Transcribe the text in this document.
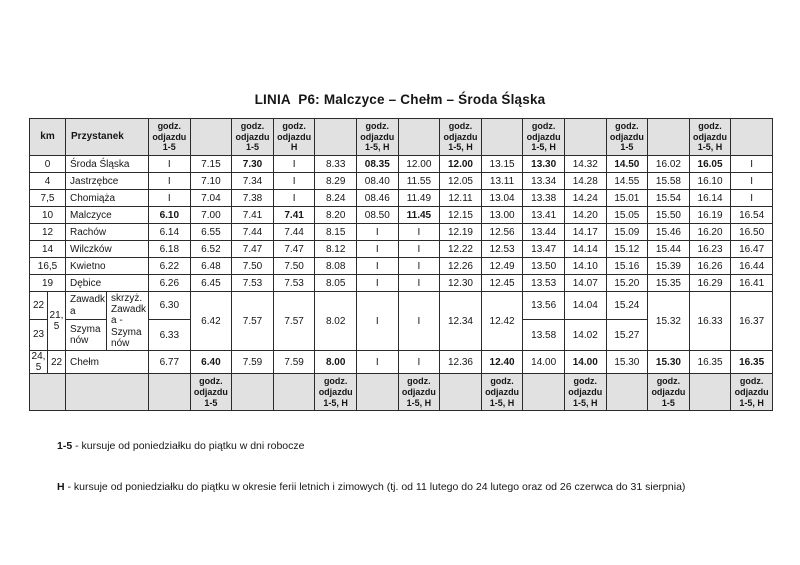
LINIA  P6: Malczyce – Chełm – Środa Śląska
km		Przystanek		godz. odjazdu 1-5		godz. odjazdu 1-5	godz. odjazdu H		godz. odjazdu 1-5, H		godz. odjazdu 1-5, H		godz. odjazdu 1-5, H		godz. odjazdu 1-5		godz. odjazdu 1-5, H	
0		Środa Śląska		I	7.15	7.30	I	8.33	08.35	12.00	12.00	13.15	13.30	14.32	14.50	16.02	16.05	I
4		Jastrzębce		I	7.10	7.34	I	8.29	08.40	11.55	12.05	13.11	13.34	14.28	14.55	15.58	16.10	I
7,5		Chomiąża		I	7.04	7.38	I	8.24	08.46	11.49	12.11	13.04	13.38	14.24	15.01	15.54	16.14	I
10		Malczyce		6.10	7.00	7.41	7.41	8.20	08.50	11.45	12.15	13.00	13.41	14.20	15.05	15.50	16.19	16.54
12		Rachów		6.14	6.55	7.44	7.44	8.15	I	I	12.19	12.56	13.44	14.17	15.09	15.46	16.20	16.50
14		Wilczków		6.18	6.52	7.47	7.47	8.12	I	I	12.22	12.53	13.47	14.14	15.12	15.44	16.23	16.47
16,5		Kwietno		6.22	6.48	7.50	7.50	8.08	I	I	12.26	12.49	13.50	14.10	15.16	15.39	16.26	16.44
19		Dębice		6.26	6.45	7.53	7.53	8.05	I	I	12.30	12.45	13.53	14.07	15.20	15.35	16.29	16.41
22	21,5	Zawadka	skrzyż. Zawadka - Szymanów	6.30	6.42	7.57	7.57	8.02	I	I	12.34	12.42	13.56	14.04	15.24	15.32	16.33	16.37
23		Szymanów		6.33									13.58	14.02	15.27			
24,5	22	Chełm		6.77	6.40	7.59	7.59	8.00	I	I	12.36	12.40	14.00	14.00	15.30	15.30	16.35	16.35
					godz. odjazdu 1-5			godz. odjazdu 1-5, H		godz. odjazdu 1-5, H		godz. odjazdu 1-5, H		godz. odjazdu 1-5, H		godz. odjazdu 1-5		godz. odjazdu 1-5, H

1-5 - kursuje od poniedziałku do piątku w dni robocze

H - kursuje od poniedziałku do piątku w okresie ferii letnich i zimowych (tj. od 11 lutego do 24 lutego oraz od 26 czerwca do 31 sierpnia)
